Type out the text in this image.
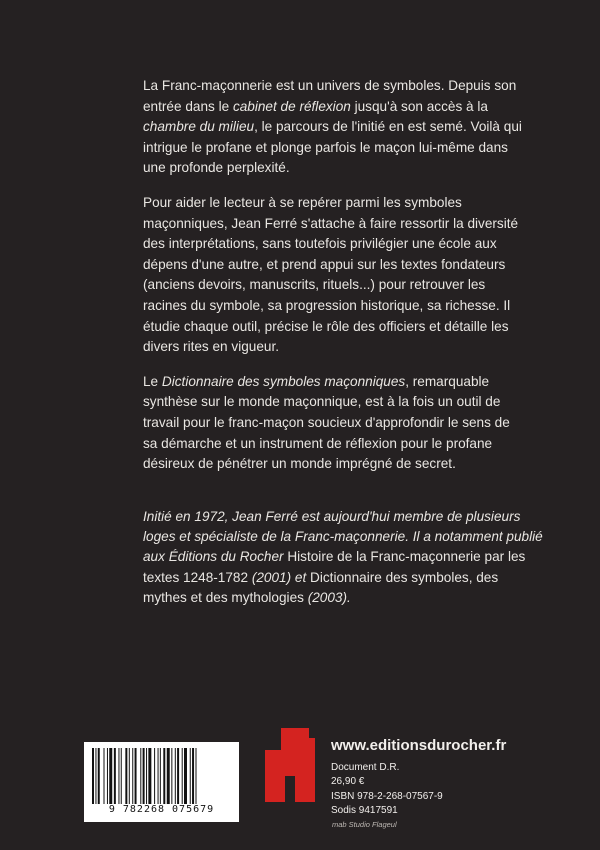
La Franc-maçonnerie est un univers de symboles. Depuis son entrée dans le cabinet de réflexion jusqu'à son accès à la chambre du milieu, le parcours de l'initié en est semé. Voilà qui intrigue le profane et plonge parfois le maçon lui-même dans une profonde perplexité.

Pour aider le lecteur à se repérer parmi les symboles maçonniques, Jean Ferré s'attache à faire ressortir la diversité des interprétations, sans toutefois privilégier une école aux dépens d'une autre, et prend appui sur les textes fondateurs (anciens devoirs, manuscrits, rituels...) pour retrouver les racines du symbole, sa progression historique, sa richesse. Il étudie chaque outil, précise le rôle des officiers et détaille les divers rites en vigueur.

Le Dictionnaire des symboles maçonniques, remarquable synthèse sur le monde maçonnique, est à la fois un outil de travail pour le franc-maçon soucieux d'approfondir le sens de sa démarche et un instrument de réflexion pour le profane désireux de pénétrer un monde imprégné de secret.

Initié en 1972, Jean Ferré est aujourd'hui membre de plusieurs loges et spécialiste de la Franc-maçonnerie. Il a notamment publié aux Éditions du Rocher Histoire de la Franc-maçonnerie par les textes 1248-1782 (2001) et Dictionnaire des symboles, des mythes et des mythologies (2003).

9 782268 075679
www.editionsdurocher.fr
Document D.R.
26,90 €
ISBN 978-2-268-07567-9
Sodis 9417591
mab Studio Flageul
